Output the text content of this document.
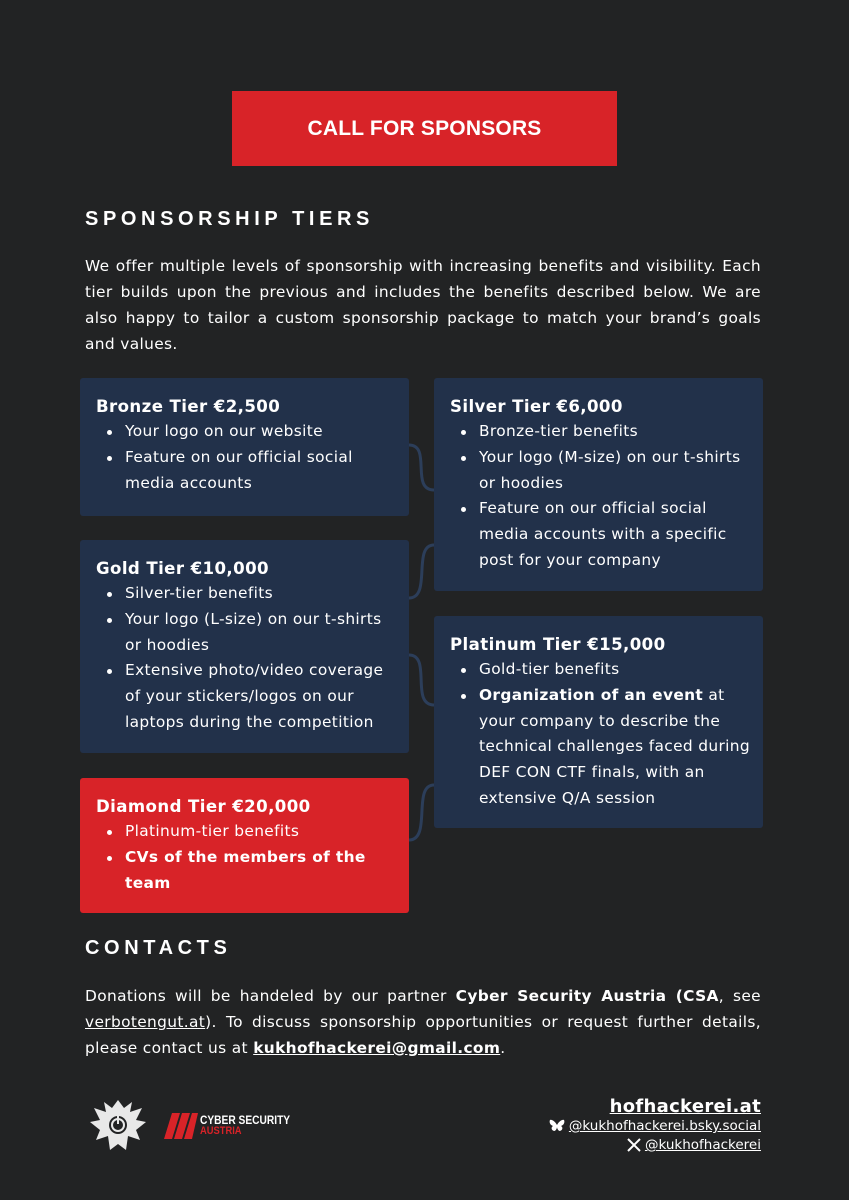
CALL FOR SPONSORS
SPONSORSHIP TIERS

We offer multiple levels of sponsorship with increasing benefits and visibility. Each tier builds upon the previous and includes the benefits described below. We are also happy to tailor a custom sponsorship package to match your brand’s goals and values.

Bronze Tier €2,500
Your logo on our website
Feature on our official social media accounts
Silver Tier €6,000
Bronze-tier benefits
Your logo (M-size) on our t-shirts or hoodies
Feature on our official social media accounts with a specific post for your company
Gold Tier €10,000
Silver-tier benefits
Your logo (L-size) on our t-shirts or hoodies
Extensive photo/video coverage of your stickers/logos on our laptops during the competition
Platinum Tier €15,000
Gold-tier benefits
Organization of an event at your company to describe the technical challenges faced during DEF CON CTF finals, with an extensive Q/A session
Diamond Tier €20,000
Platinum-tier benefits
CVs of the members of the team
CONTACTS

Donations will be handeled by our partner Cyber Security Austria (CSA, see verbotengut.at). To discuss sponsorship opportunities or request further details, please contact us at kukhofhackerei@gmail.com.

CYBER SECURITY
AUSTRIA
hofhackerei.at
@kukhofhackerei.bsky.social
@kukhofhackerei
